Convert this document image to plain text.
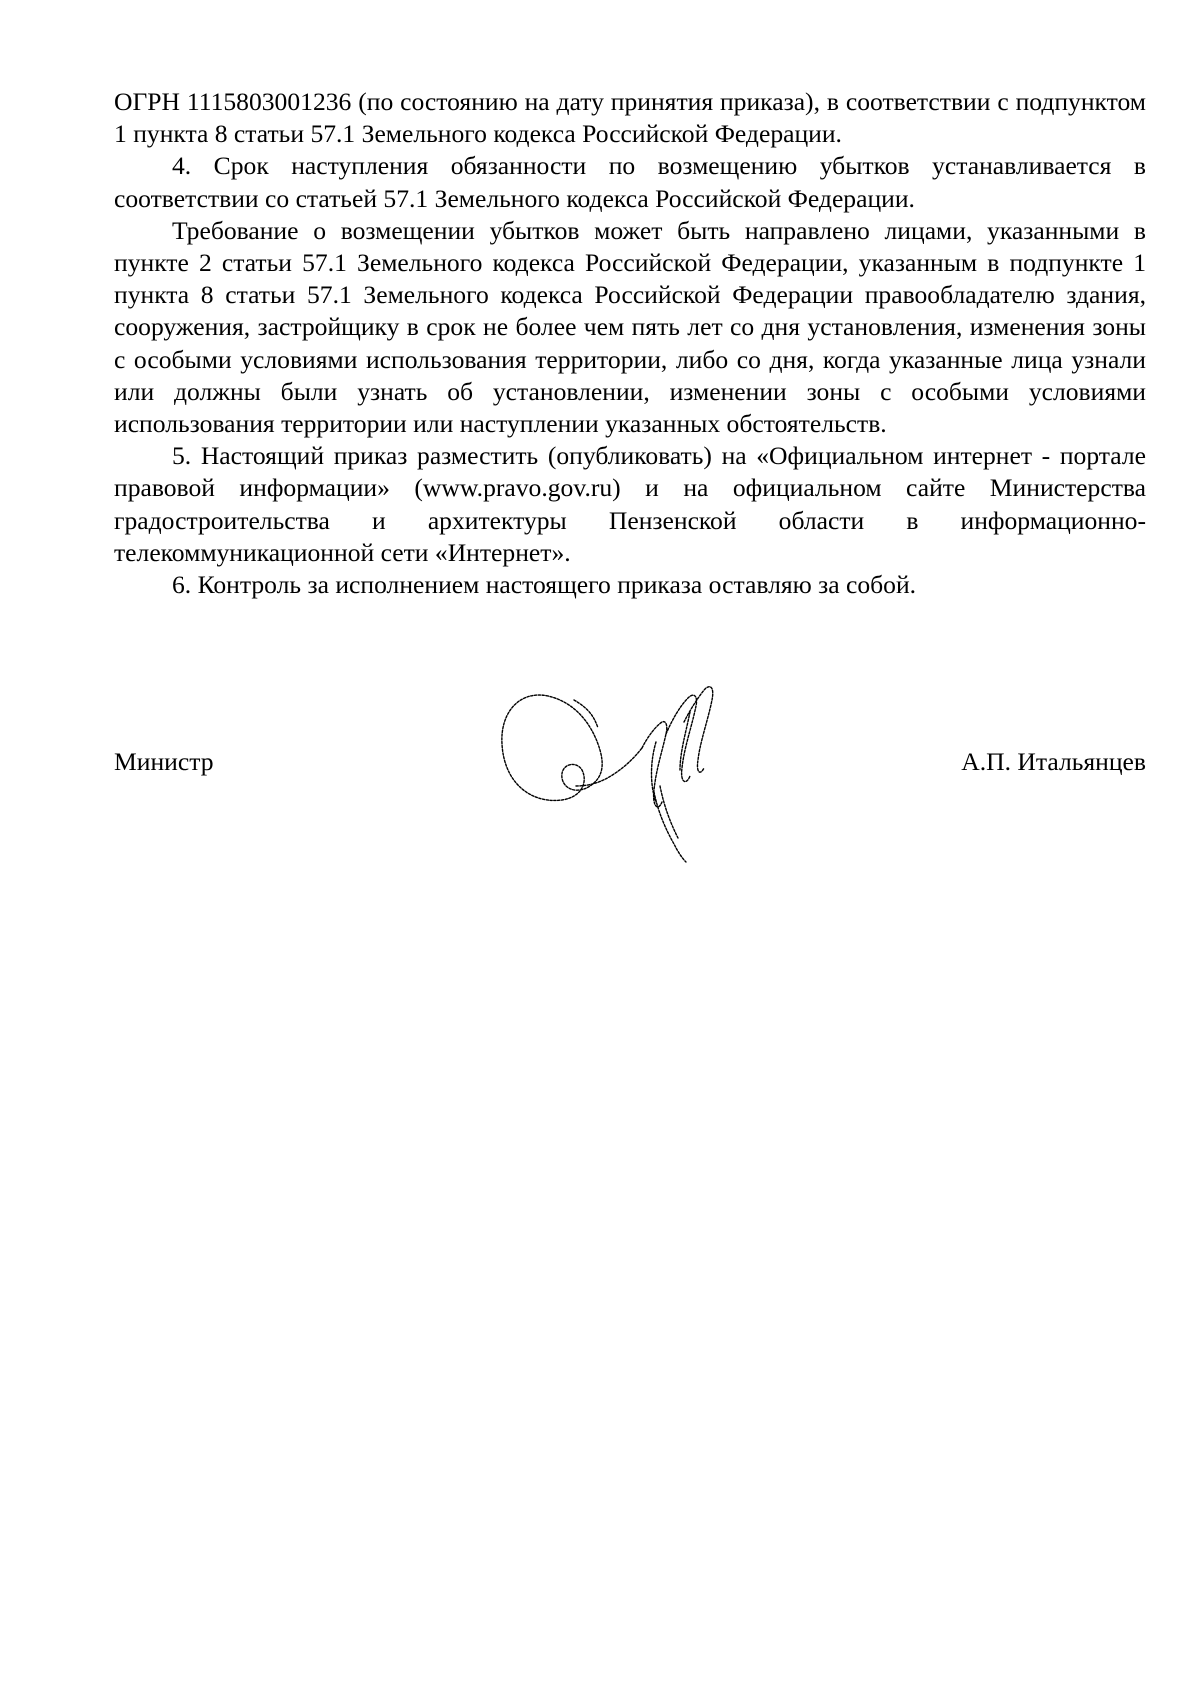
ОГРН 1115803001236 (по состоянию на дату принятия приказа), в соответствии с подпунктом 1 пункта 8 статьи 57.1 Земельного кодекса Российской Федерации.

4. Срок наступления обязанности по возмещению убытков устанавливается в соответствии со статьей 57.1 Земельного кодекса Российской Федерации.

Требование о возмещении убытков может быть направлено лицами, указанными в пункте 2 статьи 57.1 Земельного кодекса Российской Федерации, указанным в подпункте 1 пункта 8 статьи 57.1 Земельного кодекса Российской Федерации правообладателю здания, сооружения, застройщику в срок не более чем пять лет со дня установления, изменения зоны с особыми условиями использования территории, либо со дня, когда указанные лица узнали или должны были узнать об установлении, изменении зоны с особыми условиями использования территории или наступлении указанных обстоятельств.

5. Настоящий приказ разместить (опубликовать) на «Официальном интернет - портале правовой информации» (www.pravo.gov.ru) и на официальном сайте Министерства градостроительства и архитектуры Пензенской области в информационно-телекоммуникационной сети «Интернет».

6. Контроль за исполнением настоящего приказа оставляю за собой.

Министр	А.П. Итальянцев
